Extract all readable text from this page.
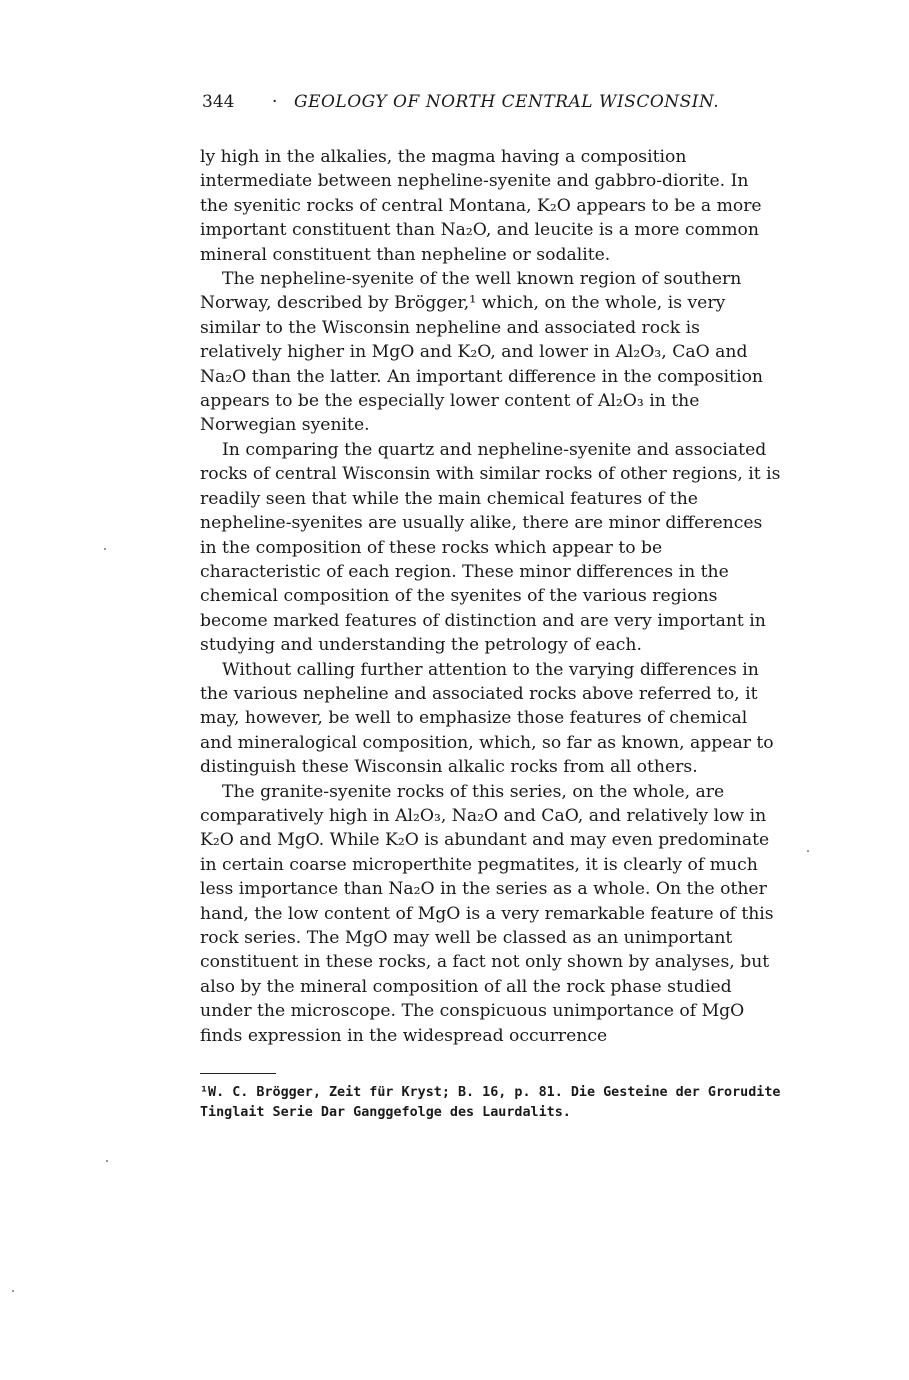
344 · GEOLOGY OF NORTH CENTRAL WISCONSIN.

ly high in the alkalies, the magma having a composition intermediate between nepheline-syenite and gabbro-diorite. In the syenitic rocks of central Montana, K₂O appears to be a more important constituent than Na₂O, and leucite is a more common mineral constituent than nepheline or sodalite.

The nepheline-syenite of the well known region of southern Norway, described by Brögger,¹ which, on the whole, is very similar to the Wisconsin nepheline and associated rock is relatively higher in MgO and K₂O, and lower in Al₂O₃, CaO and Na₂O than the latter. An important difference in the composition appears to be the especially lower content of Al₂O₃ in the Norwegian syenite.

In comparing the quartz and nepheline-syenite and associated rocks of central Wisconsin with similar rocks of other regions, it is readily seen that while the main chemical features of the nepheline-syenites are usually alike, there are minor differences in the composition of these rocks which appear to be characteristic of each region. These minor differences in the chemical composition of the syenites of the various regions become marked features of distinction and are very important in studying and understanding the petrology of each.

Without calling further attention to the varying differences in the various nepheline and associated rocks above referred to, it may, however, be well to emphasize those features of chemical and mineralogical composition, which, so far as known, appear to distinguish these Wisconsin alkalic rocks from all others.

The granite-syenite rocks of this series, on the whole, are comparatively high in Al₂O₃, Na₂O and CaO, and relatively low in K₂O and MgO. While K₂O is abundant and may even predominate in certain coarse microperthite pegmatites, it is clearly of much less importance than Na₂O in the series as a whole. On the other hand, the low content of MgO is a very remarkable feature of this rock series. The MgO may well be classed as an unimportant constituent in these rocks, a fact not only shown by analyses, but also by the mineral composition of all the rock phase studied under the microscope. The conspicuous unimportance of MgO finds expression in the widespread occurrence

¹W. C. Brögger, Zeit für Kryst; B. 16, p. 81. Die Gesteine der Grorudite Tinglait Serie Dar Ganggefolge des Laurdalits.
